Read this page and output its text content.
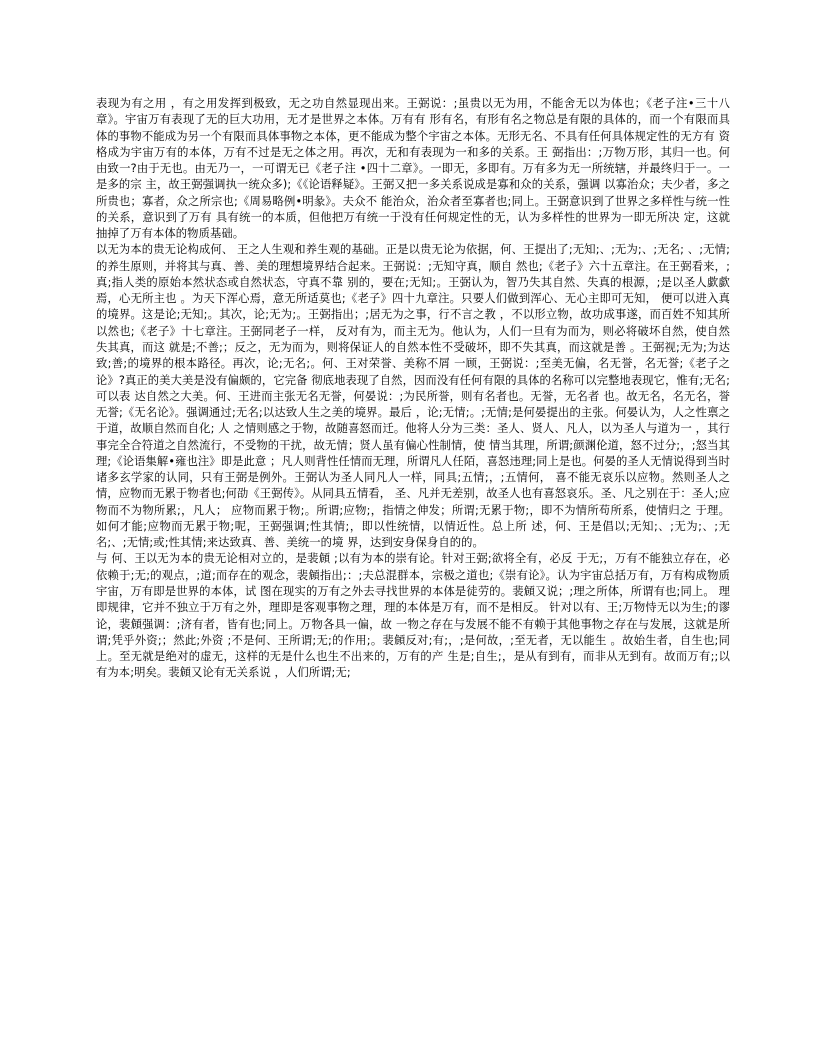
表现为有之用 ，有之用发挥到极致，无之功自然显现出来。王弼说：;虽贵以无为用，不能舍无以为体也；《老子注•三十八章》。宇宙万有表现了无的巨大功用，无才是世界之本体。万有有 形有名，有形有名之物总是有限的具体的，而一个有限而具体的事物不能成为另一个有限而具体事物之本体，更不能成为整个宇宙之本体。无形无名、不具有任何具体规定性的无方有 资格成为宇宙万有的本体，万有不过是无之体之用。再次，无和有表现为一和多的关系。王 弼指出：;万物万形，其归一也。何由致一?由于无也。由无乃一，一可谓无已《老子注 •四十二章》。一即无，多即有。万有多为无一所统辖，并最终归于一。一是多的宗 主，故王弼强调执一统众多);《《论语释疑》。王弼又把一多关系说成是寡和众的关系，强调 以寡治众；夫少者，多之所贵也；寡者，众之所宗也;《周易略例•明彖》。夫众不 能治众，治众者至寡者也;同上。王弼意识到了世界之多样性与统一性的关系，意识到了万有 具有统一的本质，但他把万有统一于没有任何规定性的无，认为多样性的世界为一即无所决 定，这就抽掉了万有本体的物质基础。

以无为本的贵无论构成何、 王之人生观和养生观的基础。正是以贵无论为依据，何、王提出了;无知;、;无为;、;无名; 、;无情;的养生原则，并将其与真、善、美的理想境界结合起来。王弼说：;无知守真，顺自 然也;《老子》六十五章注。在王弼看来，;真;指人类的原始本然状态或自然状态，守真不靠 别的，要在;无知;。王弼认为，智乃失其自然、失真的根源，;是以圣人歔歔焉，心无所主也 。为天下浑心焉，意无所适莫也;《老子》四十九章注。只要人们做到浑心、无心主即可无知， 便可以进入真的境界。这是论;无知;。其次，论;无为;。王弼指出；;居无为之事，行不言之教 ，不以形立物，故功成事遂，而百姓不知其所以然也;《老子》十七章注。王弼同老子一样， 反对有为，而主无为。他认为，人们一旦有为而为，则必将破坏自然，使自然失其真，而这 就是;不善;；反之，无为而为，则将保证人的自然本性不受破坏，即不失其真，而这就是善 。王弼视;无为;为达致;善;的境界的根本路径。再次，论;无名;。何、王对荣誉、美称不屑 一顾，王弼说：;至美无偏，名无誉，名无誉;《老子之论》?真正的美大美是没有偏颇的，它完备 彻底地表现了自然，因而没有任何有限的具体的名称可以完整地表现它，惟有;无名;可以表 达自然之大美。何、王进而主张无名无誉，何晏说：;为民所誉，则有名者也。无誉，无名者 也。故无名，名无名，誉无誉;《无名论》。强调通过;无名;以达致人生之美的境界。最后 ，论;无情;。;无情;是何晏提出的主张。何晏认为，人之性禀之于道，故顺自然而自化; 人 之情则感之于物，故随喜怒而迁。他将人分为三类：圣人、贤人、凡人，以为圣人与道为一 ，其行事完全合符道之自然流行，不受物的干扰，故无情；贤人虽有偏心性制情，使 情当其理，所谓;颜渊伦道，怒不过分;，;怒当其理;《论语集解•雍也注》即是此意 ；凡人则背性任情而无理，所谓凡人任陌，喜怒违理;同上是也。何晏的圣人无情说得到当时 诸多玄学家的认同，只有王弼是例外。王弼认为圣人同凡人一样，同具;五情;，;五情何， 喜不能无哀乐以应物。然则圣人之情，应物而无累于物者也;何劭《王弼传》。从同具五情看， 圣、凡并无差别，故圣人也有喜怒哀乐。圣、凡之别在于：圣人;应物而不为物所累;，凡人； 应物而累于物;。所谓;应物;，指情之伸发；所谓;无累于物;，即不为情所苟所系，使情归之 于理。如何才能;应物而无累于物;呢，王弼强调;性其情;，即以性统情，以情近性。总上所 述，何、王是倡以;无知;、;无为;、;无名;、;无情;或;性其情;来达致真、善、美统一的境 界，达到安身保身自的的。

与 何、王以无为本的贵无论相对立的，是裴頠 ;以有为本的崇有论。针对王弼;欲将全有，必反 于无;，万有不能独立存在，必依赖于;无;的观点，;道;而存在的观念，裴頠指出;：;夫总混群本，宗极之道也;《崇有论》。认为宇宙总括万有，万有构成物质宇宙，万有即是世界的本体，试 图在现实的万有之外去寻找世界的本体是徒劳的。裴頠又说；;理之所体，所谓有也;同上。 理即规律，它并不独立于万有之外，理即是客观事物之理，理的本体是万有，而不是相反。 针对以有、王;万物恃无以为生;的谬论，裴頠强调：;济有者，皆有也;同上。万物各具一偏，故 一物之存在与发展不能不有赖于其他事物之存在与发展，这就是所谓;凭乎外资;；然此;外资 ;不是何、王所谓;无;的作用;。裴頠反对;有;，;是何故，;至无者，无以能生 。故始生者，自生也;同上。至无就是绝对的虚无，这样的无是什么也生不出来的，万有的产 生是;自生;，是从有到有，而非从无到有。故而万有;;以有为本;明矣。裴頠又论有无关系说 ，人们所谓;无;
